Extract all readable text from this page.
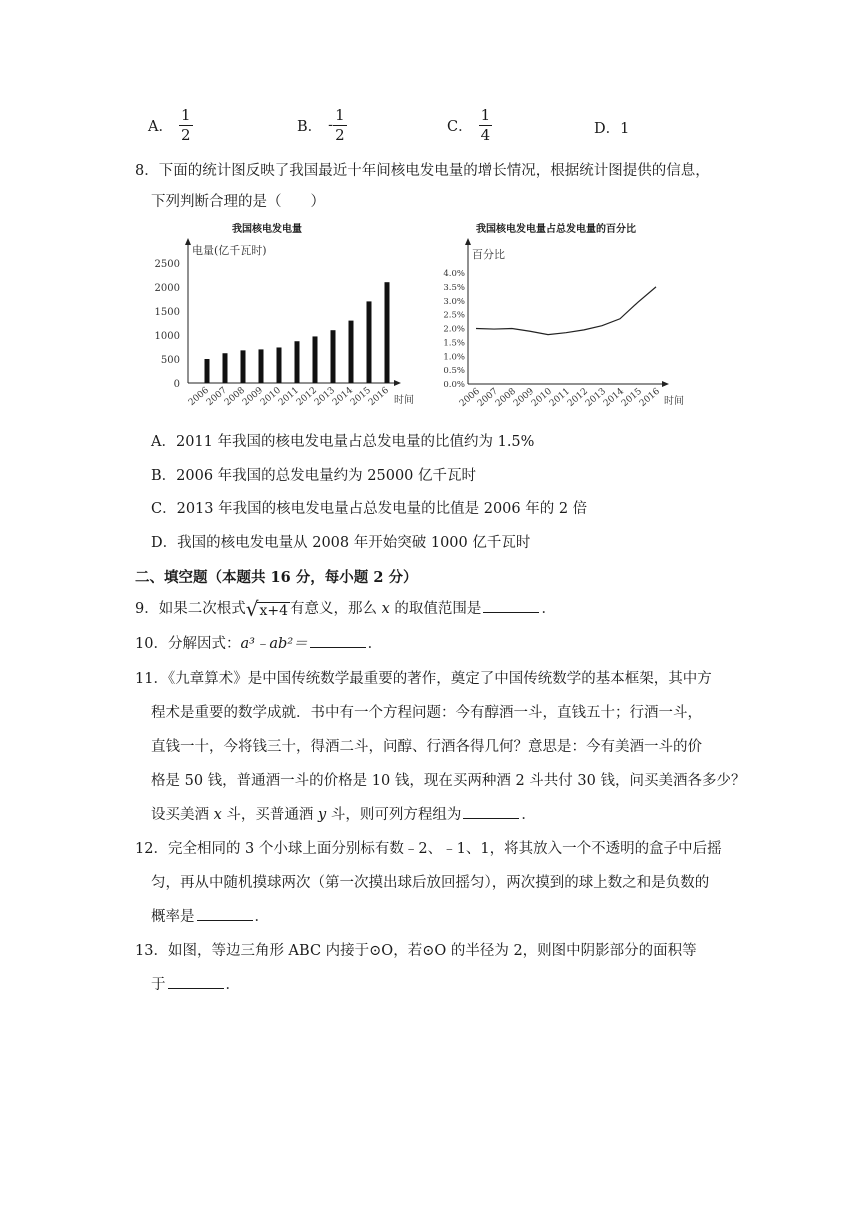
A． $\frac{1}{2}$	B． - $\frac{1}{2}$	C． $\frac{1}{4}$	D．1
8．下面的统计图反映了我国最近十年间核电发电量的增长情况，根据统计图提供的信息，
下列判断合理的是（　　）
我国核电发电量
电量(亿千瓦时)
0
500
1000
1500
2000
2500
2006
2007
2008
2009
2010
2011
2012
2013
2014
2015
2016 时间
我国核电发电量占总发电量的百分比
百分比
0.0%
0.5%
1.0%
1.5%
2.0%
2.5%
3.0%
3.5%
4.0%
2006
2007
2008
2009
2010
2011
2012
2013
2014
2015
2016 时间
A．2011 年我国的核电发电量占总发电量的比值约为 1.5%
B．2006 年我国的总发电量约为 25000 亿千瓦时
C．2013 年我国的核电发电量占总发电量的比值是 2006 年的 2 倍
D．我国的核电发电量从 2008 年开始突破 1000 亿千瓦时
二、填空题（本题共 16 分，每小题 2 分）
9．如果二次根式 √ x+4 有意义，那么 x 的取值范围是	．
10．分解因式：a³﹣ab²＝	．
11．《九章算术》是中国传统数学最重要的著作，奠定了中国传统数学的基本框架，其中方
程术是重要的数学成就．书中有一个方程问题：今有醇酒一斗，直钱五十；行酒一斗，
直钱一十，今将钱三十，得酒二斗，问醇、行酒各得几何？意思是：今有美酒一斗的价
格是 50 钱，普通酒一斗的价格是 10 钱，现在买两种酒 2 斗共付 30 钱，问买美酒各多少？
设买美酒 x 斗，买普通酒 y 斗，则可列方程组为	．
12．完全相同的 3 个小球上面分别标有数﹣2、﹣1、1，将其放入一个不透明的盒子中后摇
匀，再从中随机摸球两次（第一次摸出球后放回摇匀），两次摸到的球上数之和是负数的
概率是	．
13．如图，等边三角形 ABC 内接于⊙O，若⊙O 的半径为 2，则图中阴影部分的面积等
于	．
